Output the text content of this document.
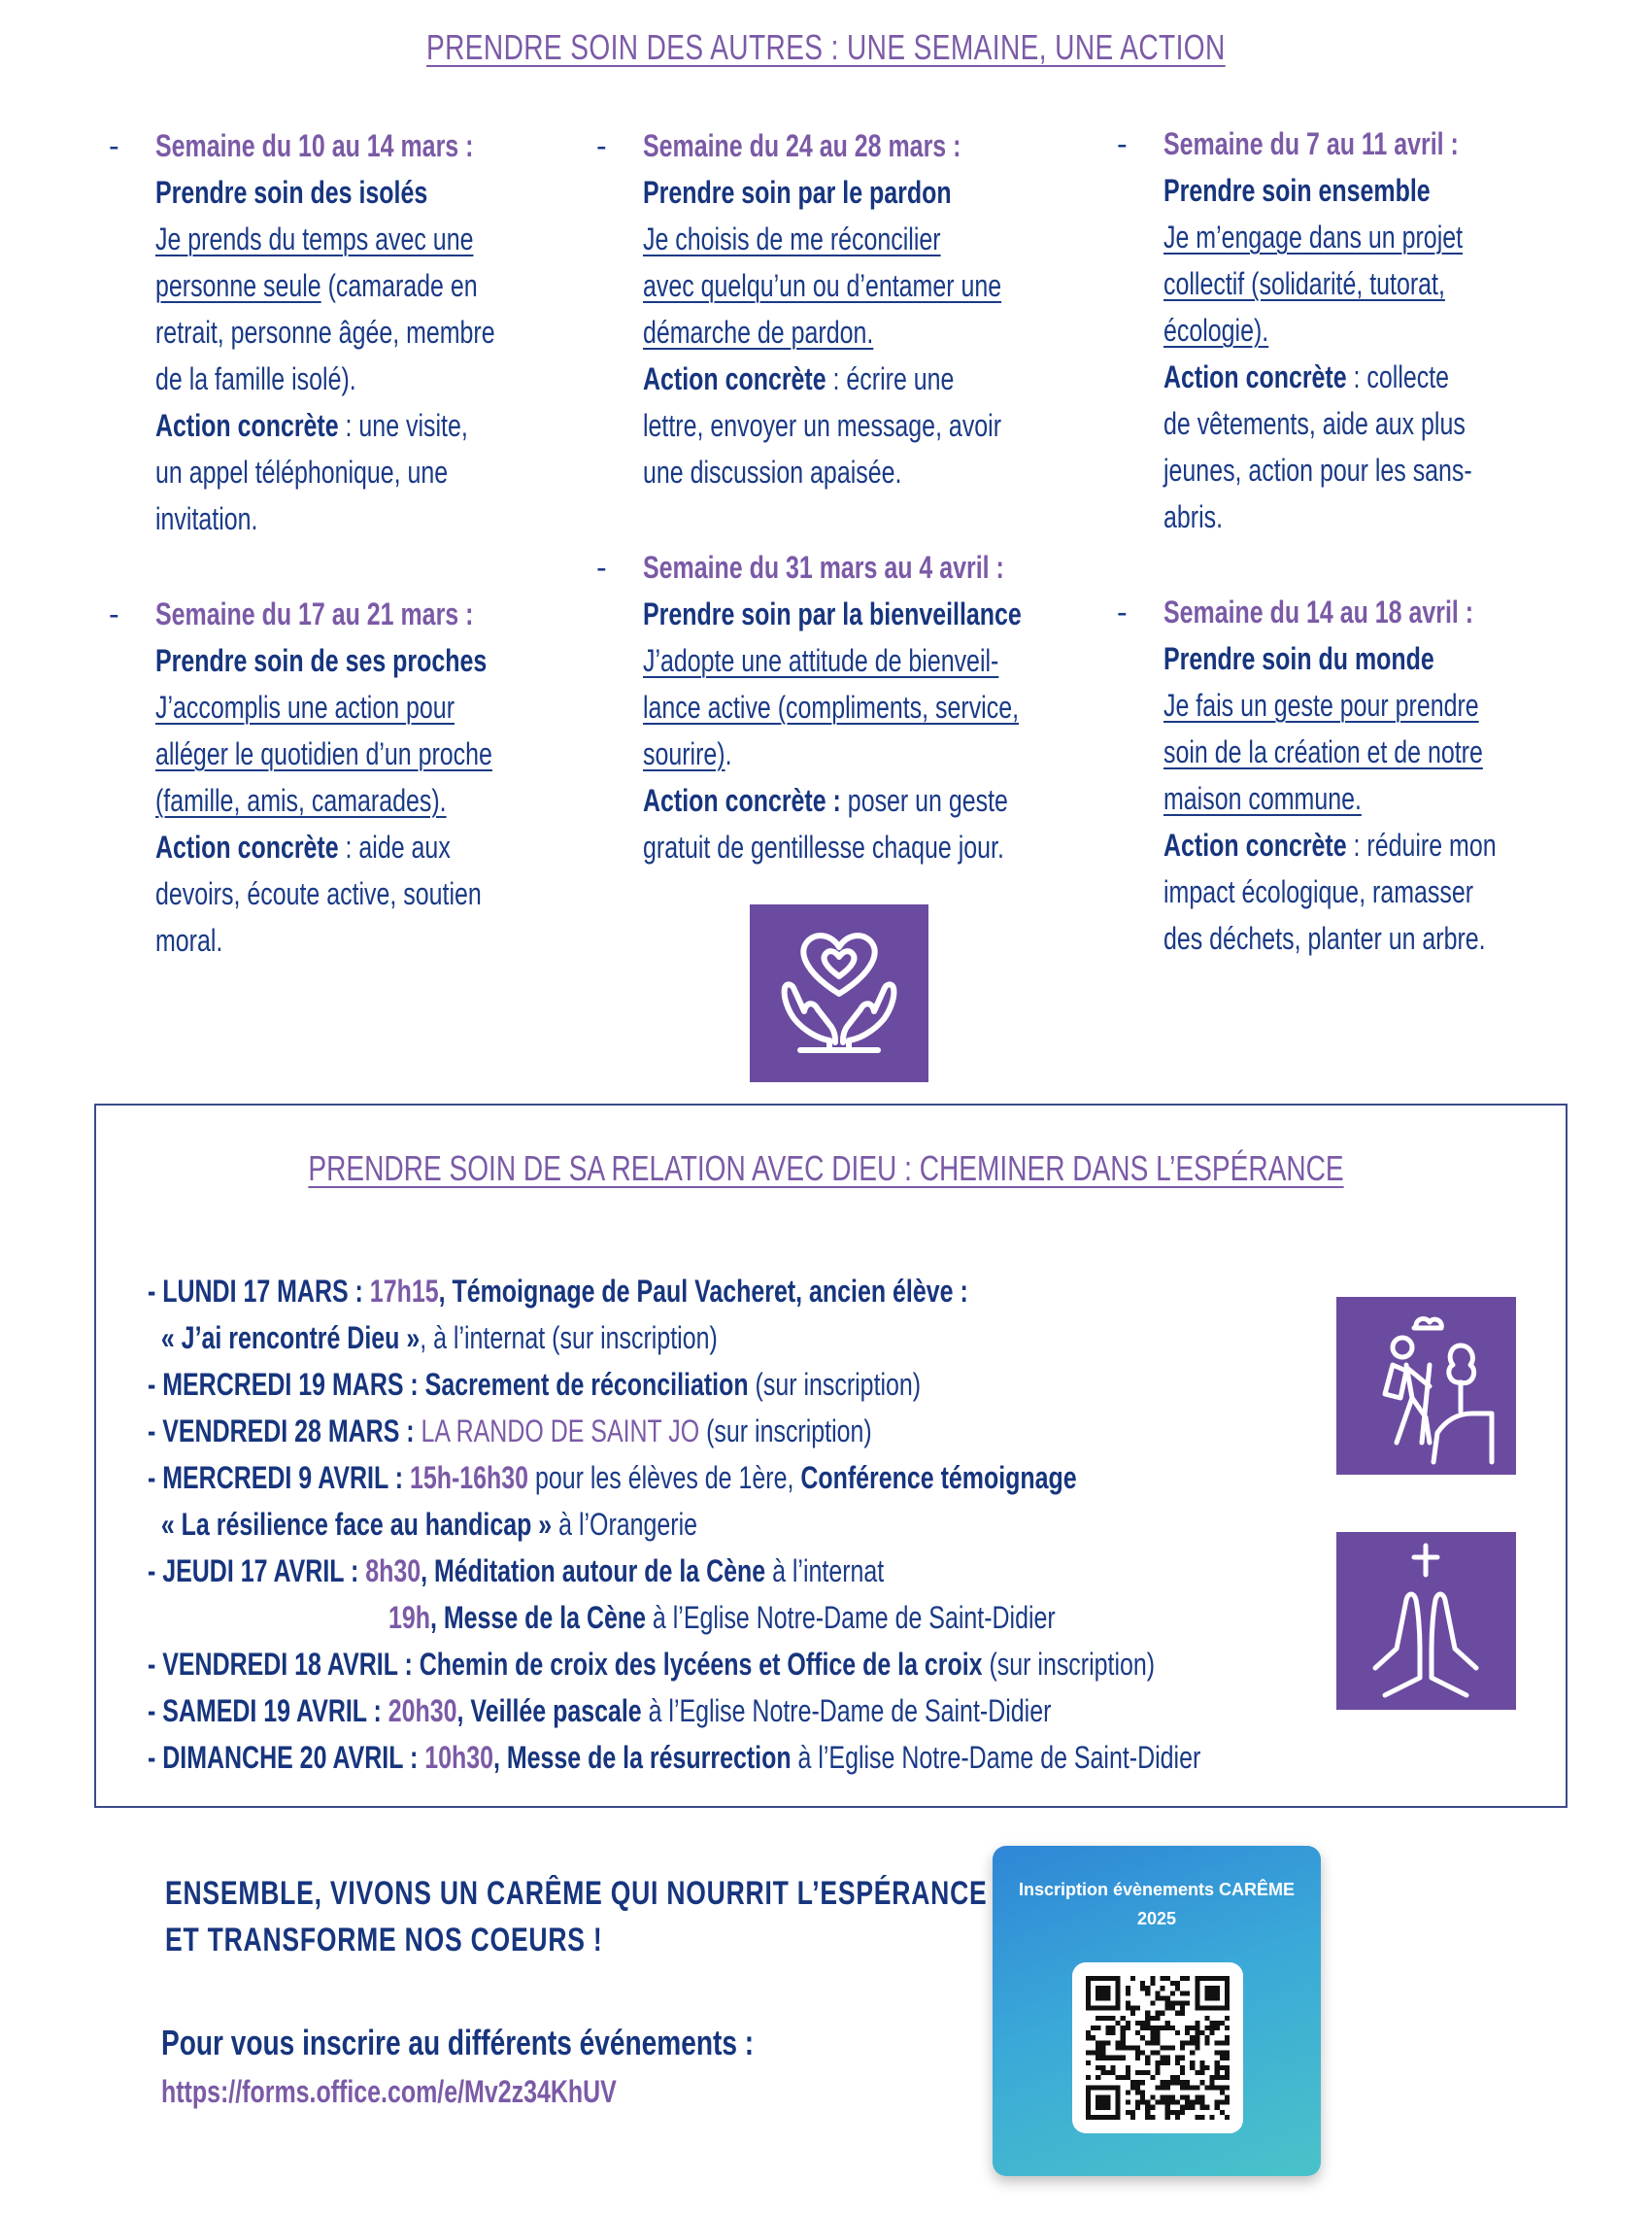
PRENDRE SOIN DES AUTRES : UNE SEMAINE, UNE ACTION
- Semaine du 10 au 14 mars :
Prendre soin des isolés
Je prends du temps avec une
personne seule (camarade en
retrait, personne âgée, membre
de la famille isolé).
Action concrète : une visite,
un appel téléphonique, une
invitation.
- Semaine du 17 au 21 mars :
Prendre soin de ses proches
J’accomplis une action pour
alléger le quotidien d’un proche
(famille, amis, camarades).
Action concrète : aide aux
devoirs, écoute active, soutien
moral.
- Semaine du 24 au 28 mars :
Prendre soin par le pardon
Je choisis de me réconcilier
avec quelqu’un ou d’entamer une
démarche de pardon.
Action concrète : écrire une
lettre, envoyer un message, avoir
une discussion apaisée.
- Semaine du 31 mars au 4 avril :
Prendre soin par la bienveillance
J’adopte une attitude de bienveil-
lance active (compliments, service,
sourire).
Action concrète : poser un geste
gratuit de gentillesse chaque jour.
- Semaine du 7 au 11 avril :
Prendre soin ensemble
Je m’engage dans un projet
collectif (solidarité, tutorat,
écologie).
Action concrète : collecte
de vêtements, aide aux plus
jeunes, action pour les sans-
abris.
- Semaine du 14 au 18 avril :
Prendre soin du monde
Je fais un geste pour prendre
soin de la création et de notre
maison commune.
Action concrète : réduire mon
impact écologique, ramasser
des déchets, planter un arbre.
PRENDRE SOIN DE SA RELATION AVEC DIEU : CHEMINER DANS L’ESPÉRANCE
- LUNDI 17 MARS : 17h15, Témoignage de Paul Vacheret, ancien élève :
« J’ai rencontré Dieu », à l’internat (sur inscription)
- MERCREDI 19 MARS : Sacrement de réconciliation (sur inscription)
- VENDREDI 28 MARS : LA RANDO DE SAINT JO (sur inscription)
- MERCREDI 9 AVRIL : 15h-16h30 pour les élèves de 1ère, Conférence témoignage
« La résilience face au handicap » à l’Orangerie
- JEUDI 17 AVRIL : 8h30, Méditation autour de la Cène à l’internat
19h, Messe de la Cène à l’Eglise Notre-Dame de Saint-Didier
- VENDREDI 18 AVRIL : Chemin de croix des lycéens et Office de la croix (sur inscription)
- SAMEDI 19 AVRIL : 20h30, Veillée pascale à l’Eglise Notre-Dame de Saint-Didier
- DIMANCHE 20 AVRIL : 10h30, Messe de la résurrection à l’Eglise Notre-Dame de Saint-Didier
ENSEMBLE, VIVONS UN CARÊME QUI NOURRIT L’ESPÉRANCE
ET TRANSFORME NOS COEURS !
Pour vous inscrire au différents événements :
https://forms.office.com/e/Mv2z34KhUV
Inscription évènements CARÊME
2025
